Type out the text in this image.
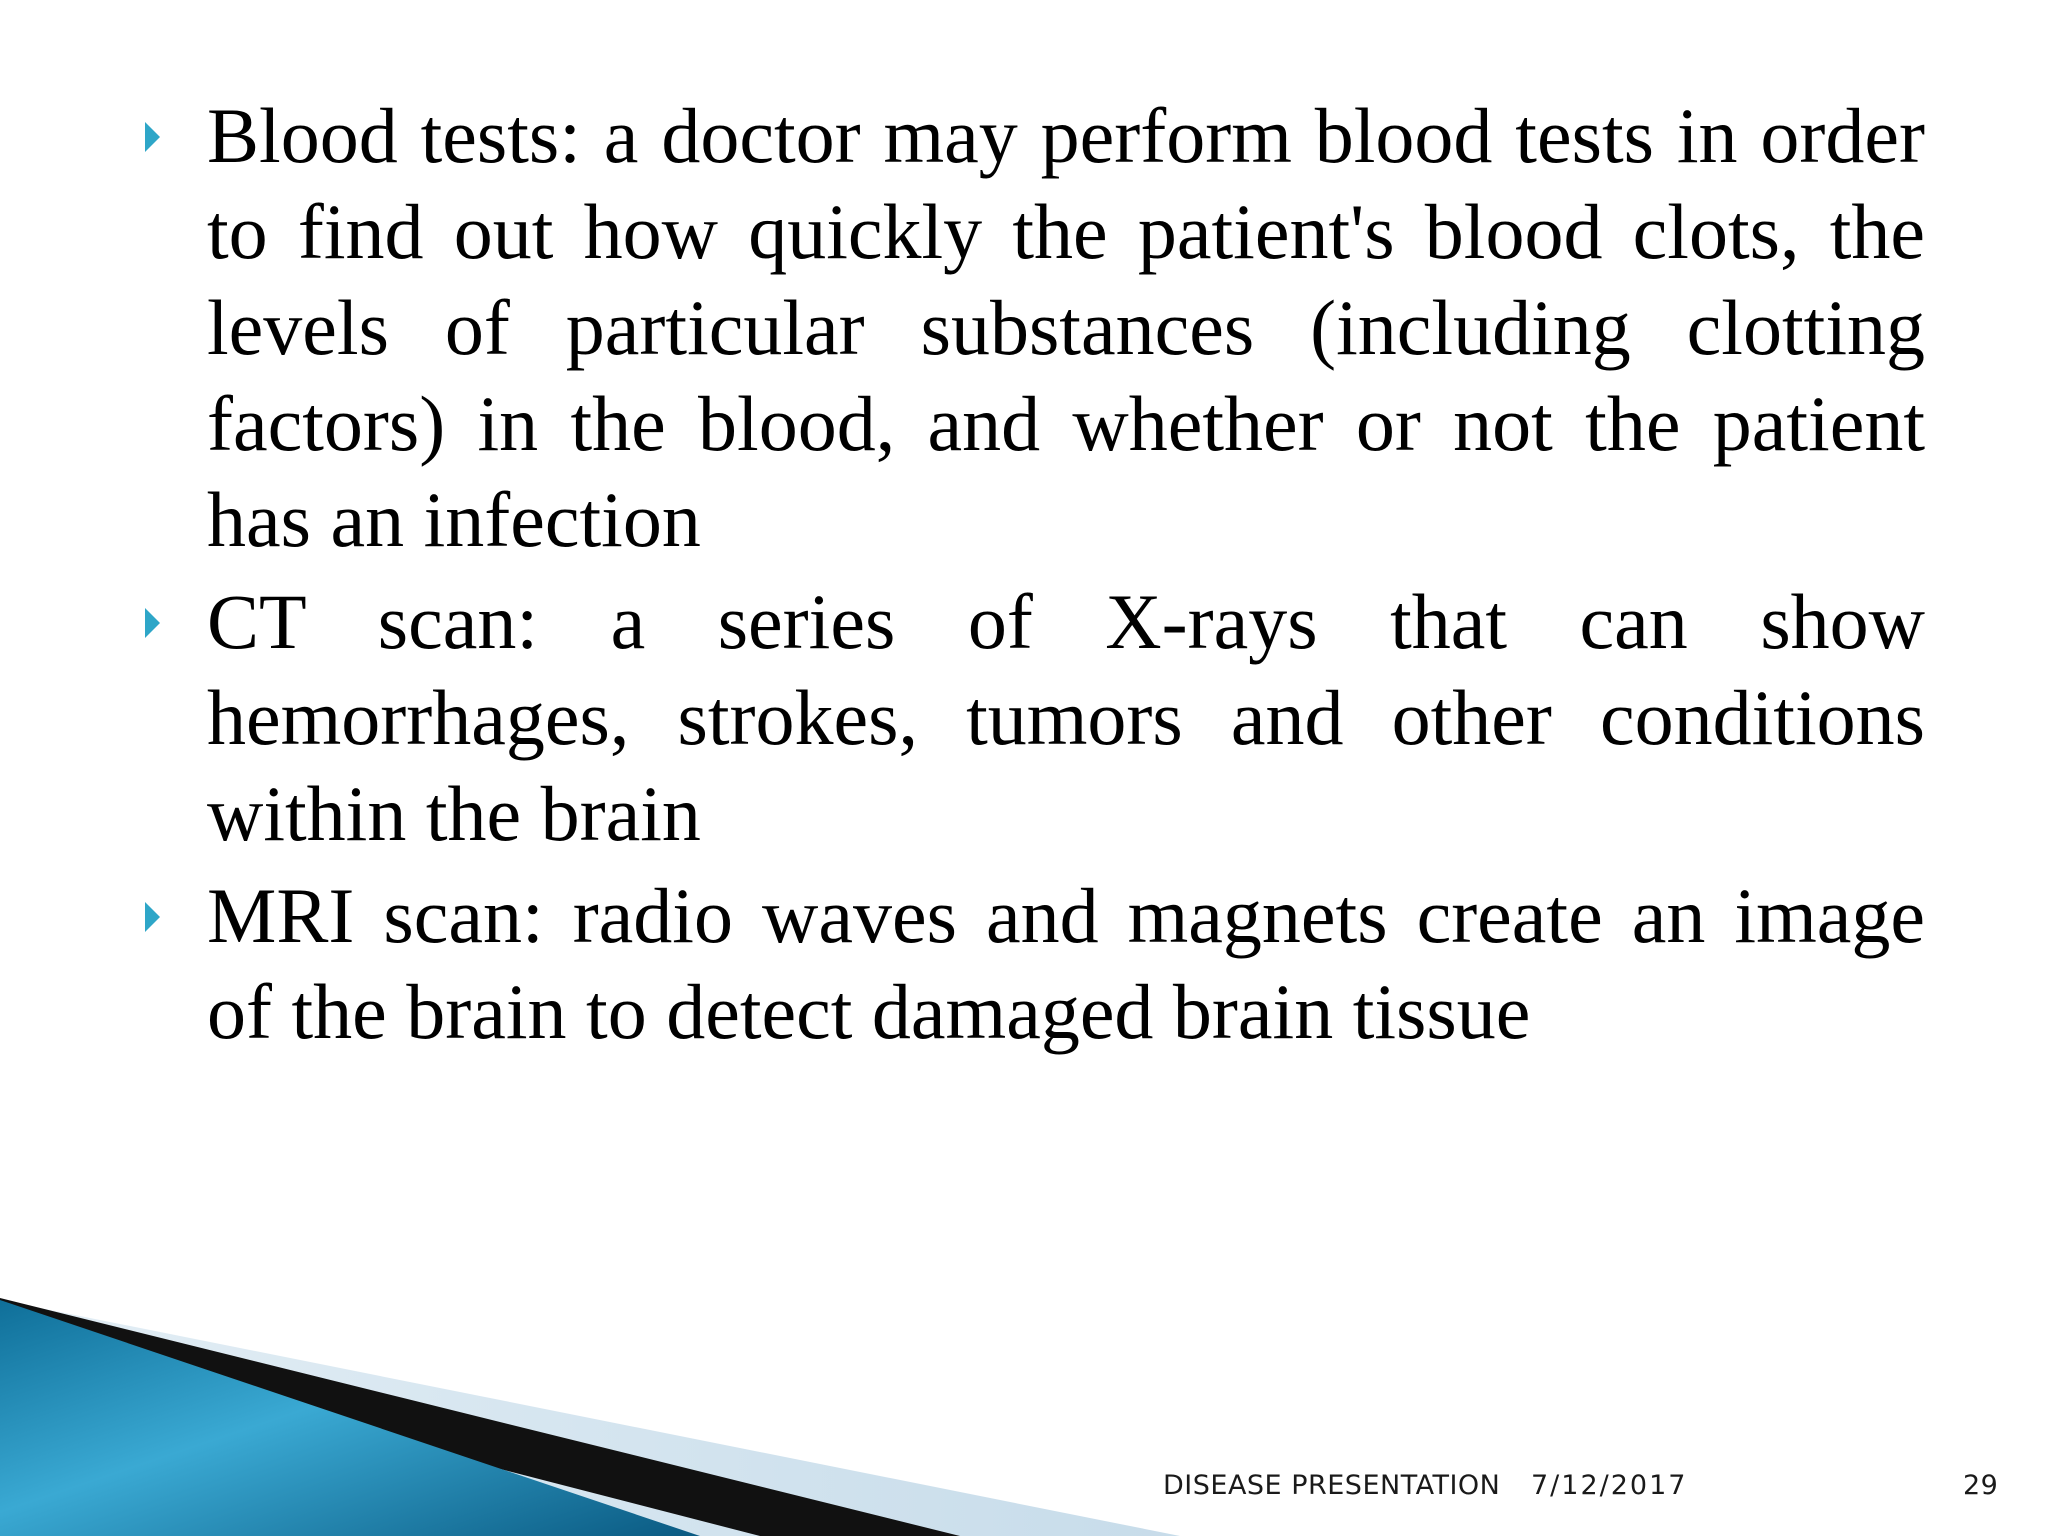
Blood tests: a doctor may perform blood tests in order to find out how quickly the patient's blood clots, the levels of particular substances (including clotting factors) in the blood, and whether or not the patient has an infection
CT scan: a series of X-rays that can show hemorrhages, strokes, tumors and other conditions within the brain
MRI scan: radio waves and magnets create an image of the brain to detect damaged brain tissue
DISEASE PRESENTATION 7/12/2017	29
